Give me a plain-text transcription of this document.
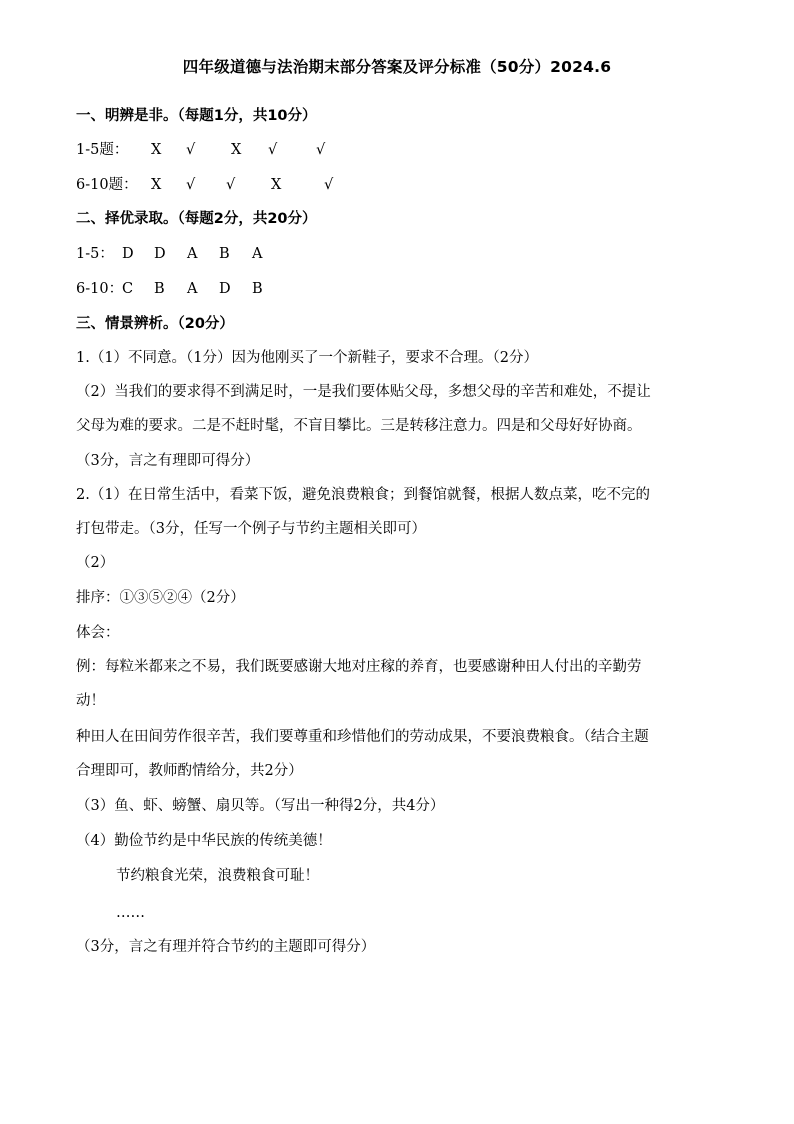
四年级道德与法治期末部分答案及评分标准（50分）2024.6
一、明辨是非。（每题1分，共10分）
1-5题： X √ X √	√
6-10题： X √ √ X	√
二、择优录取。（每题2分，共20分）
1-5： D D A B A
6-10：
C B A D B
三、情景辨析。（20分）
1.（1）不同意。（1分）因为他刚买了一个新鞋子，要求不合理。（2分）
（2）当我们的要求得不到满足时，一是我们要体贴父母，多想父母的辛苦和难处，不提让
父母为难的要求。二是不赶时髦，不盲目攀比。三是转移注意力。四是和父母好好协商。
（3分，言之有理即可得分）
2.（1）在日常生活中，看菜下饭，避免浪费粮食；到餐馆就餐，根据人数点菜，吃不完的
打包带走。（3分，任写一个例子与节约主题相关即可）
（2）
排序：①③⑤②④（2分）
体会：
例：每粒米都来之不易，我们既要感谢大地对庄稼的养育，也要感谢种田人付出的辛勤劳
动！
种田人在田间劳作很辛苦，我们要尊重和珍惜他们的劳动成果，不要浪费粮食。（结合主题
合理即可，教师酌情给分，共2分）
（3）鱼、虾、螃蟹、扇贝等。（写出一种得2分，共4分）
（4）勤俭节约是中华民族的传统美德！
节约粮食光荣，浪费粮食可耻！
……
（3分，言之有理并符合节约的主题即可得分）
